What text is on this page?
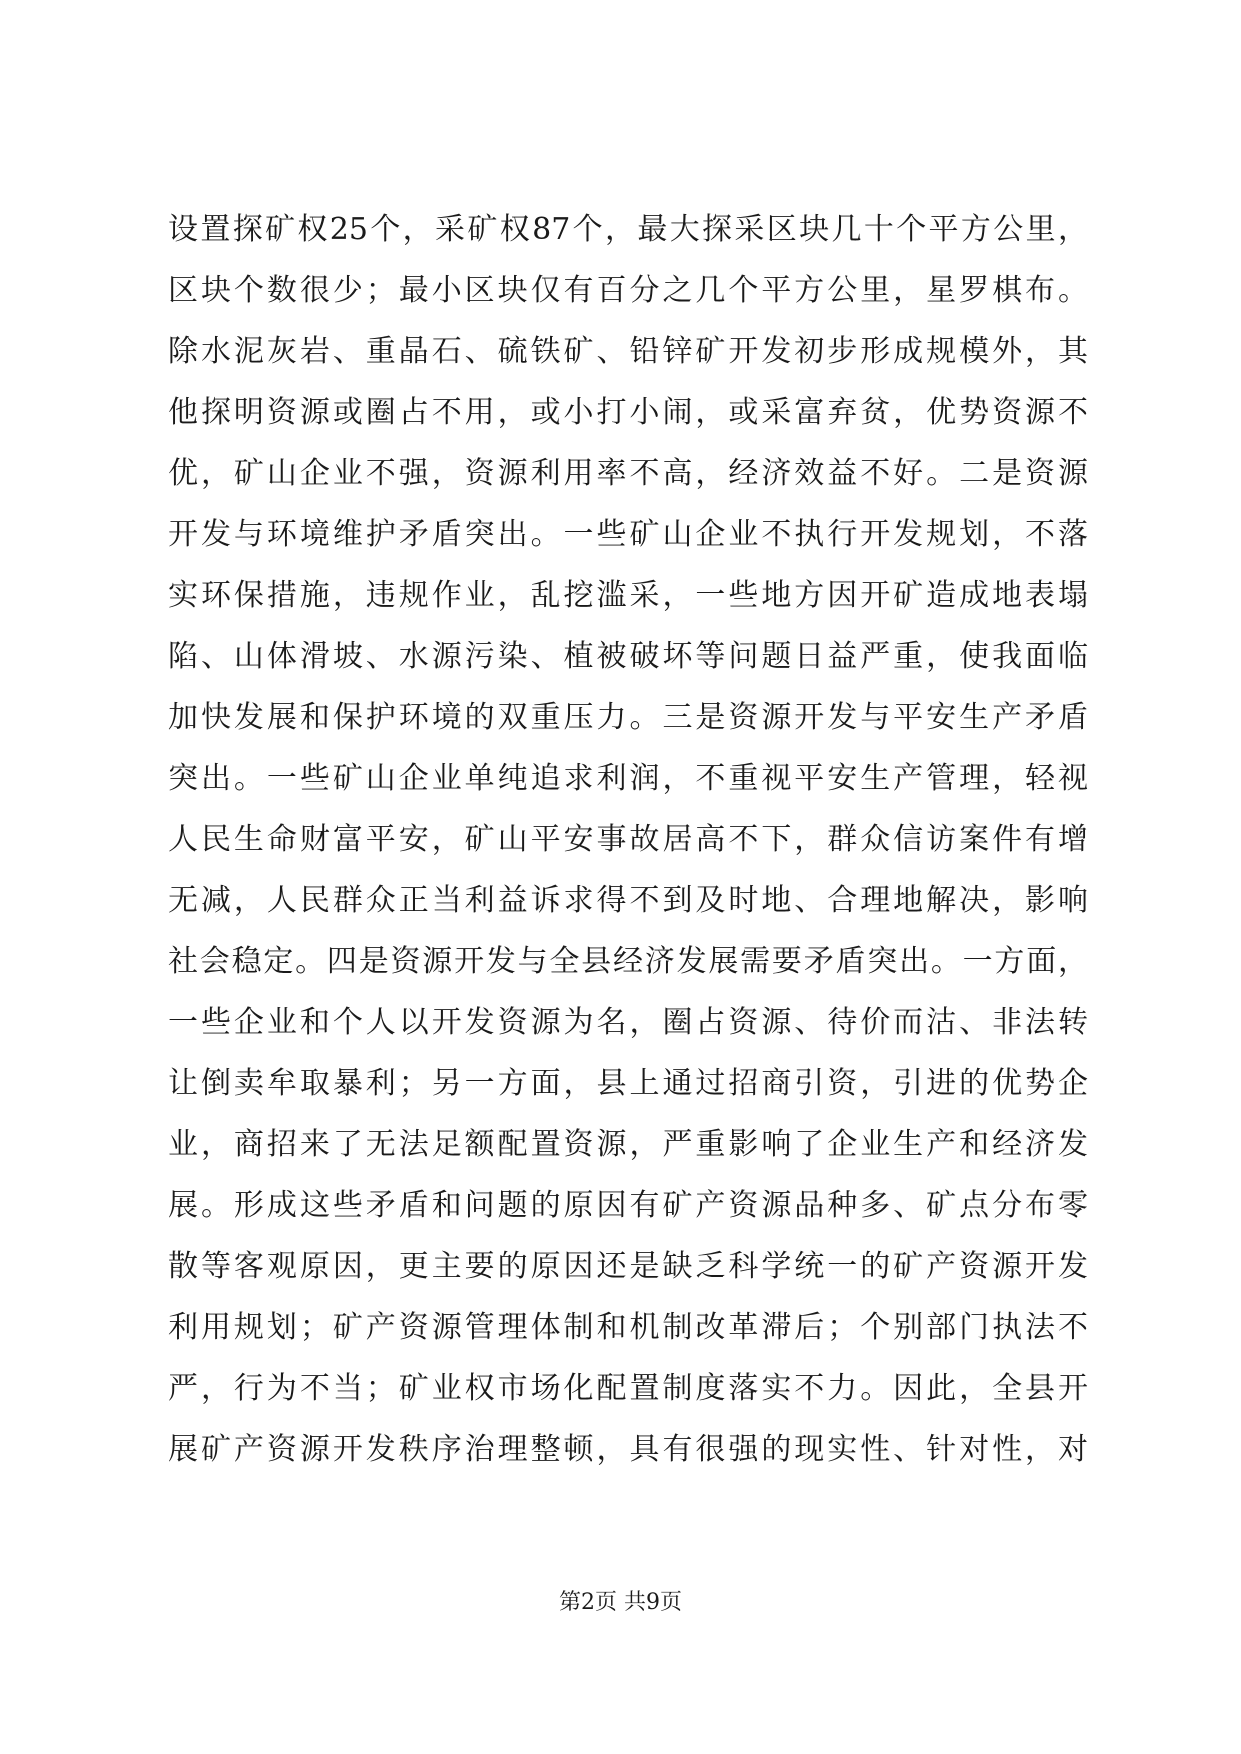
设置探矿权25个，采矿权87个，最大探采区块几十个平方公里，
区块个数很少；最小区块仅有百分之几个平方公里，星罗棋布。
除水泥灰岩、重晶石、硫铁矿、铅锌矿开发初步形成规模外，其
他探明资源或圈占不用，或小打小闹，或采富弃贫，优势资源不
优，矿山企业不强，资源利用率不高，经济效益不好。二是资源
开发与环境维护矛盾突出。一些矿山企业不执行开发规划，不落
实环保措施，违规作业，乱挖滥采，一些地方因开矿造成地表塌
陷、山体滑坡、水源污染、植被破坏等问题日益严重，使我面临
加快发展和保护环境的双重压力。三是资源开发与平安生产矛盾
突出。一些矿山企业单纯追求利润，不重视平安生产管理，轻视
人民生命财富平安，矿山平安事故居高不下，群众信访案件有增
无减，人民群众正当利益诉求得不到及时地、合理地解决，影响
社会稳定。四是资源开发与全县经济发展需要矛盾突出。一方面，
一些企业和个人以开发资源为名，圈占资源、待价而沽、非法转
让倒卖牟取暴利；另一方面，县上通过招商引资，引进的优势企
业，商招来了无法足额配置资源，严重影响了企业生产和经济发
展。形成这些矛盾和问题的原因有矿产资源品种多、矿点分布零
散等客观原因，更主要的原因还是缺乏科学统一的矿产资源开发
利用规划；矿产资源管理体制和机制改革滞后；个别部门执法不
严，行为不当；矿业权市场化配置制度落实不力。因此，全县开
展矿产资源开发秩序治理整顿，具有很强的现实性、针对性，对
第2页 共9页
